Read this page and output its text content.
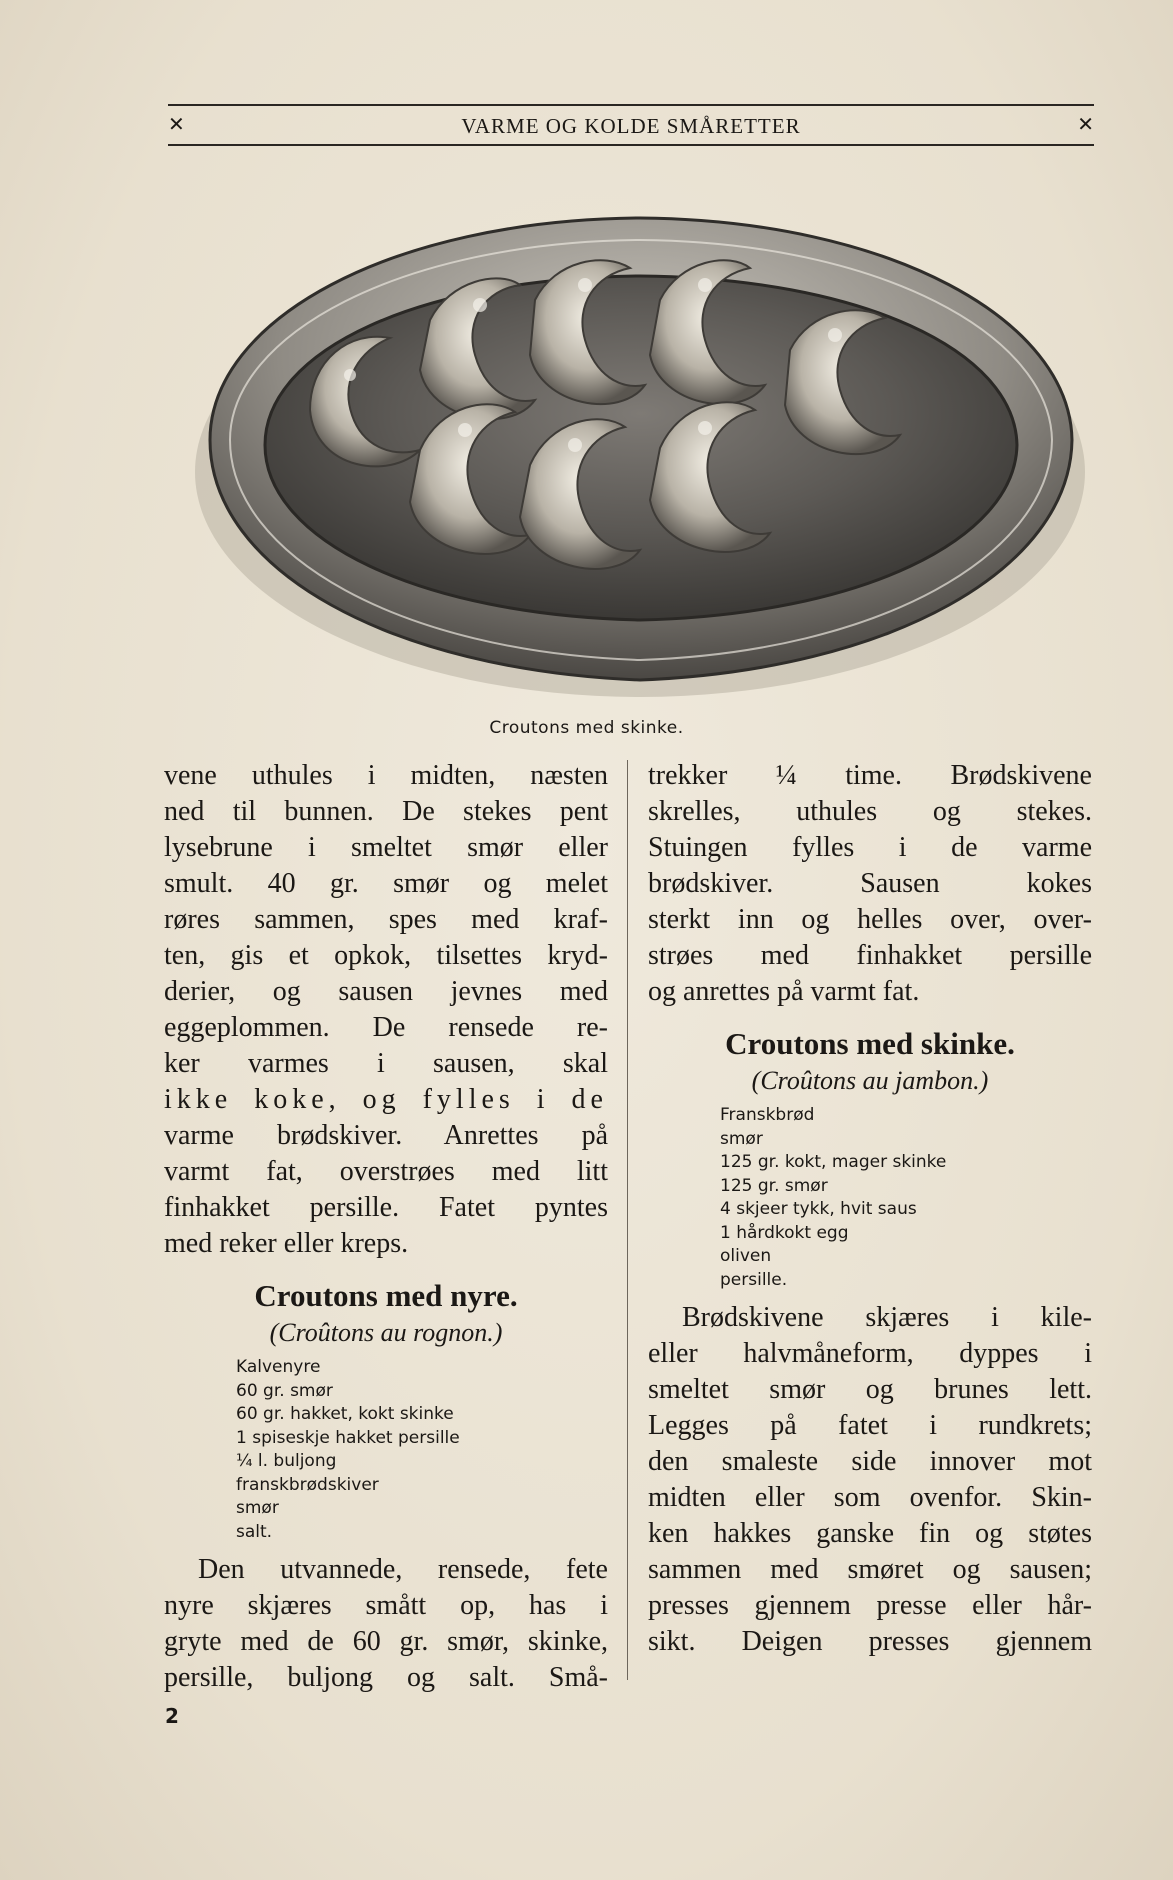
✕	VARME OG KOLDE SMÅRETTER	✕
Croutons med skinke.
vene uthules i midten, næsten
ned til bunnen. De stekes pent
lysebrune i smeltet smør eller
smult. 40 gr. smør og melet
røres sammen, spes med kraf-
ten, gis et opkok, tilsettes kryd-
derier, og sausen jevnes med
eggeplommen. De rensede re-
ker varmes i sausen, skal
ikke koke, og fylles i de
varme brødskiver. Anrettes på
varmt fat, overstrøes med litt
finhakket persille. Fatet pyntes
med reker eller kreps.
Croutons med nyre.
(Croûtons au rognon.)
Kalvenyre
60 gr. smør
60 gr. hakket, kokt skinke
1 spiseskje hakket persille
¼ l. buljong
franskbrødskiver
smør
salt.
Den utvannede, rensede, fete
nyre skjæres smått op, has i
gryte med de 60 gr. smør, skinke,
persille, buljong og salt. Små-
trekker ¼ time. Brødskivene
skrelles, uthules og stekes.
Stuingen fylles i de varme
brødskiver. Sausen kokes
sterkt inn og helles over, over-
strøes med finhakket persille
og anrettes på varmt fat.
Croutons med skinke.
(Croûtons au jambon.)
Franskbrød
smør
125 gr. kokt, mager skinke
125 gr. smør
4 skjeer tykk, hvit saus
1 hårdkokt egg
oliven
persille.
Brødskivene skjæres i kile-
eller halvmåneform, dyppes i
smeltet smør og brunes lett.
Legges på fatet i rundkrets;
den smaleste side innover mot
midten eller som ovenfor. Skin-
ken hakkes ganske fin og støtes
sammen med smøret og sausen;
presses gjennem presse eller hår-
sikt. Deigen presses gjennem
2
